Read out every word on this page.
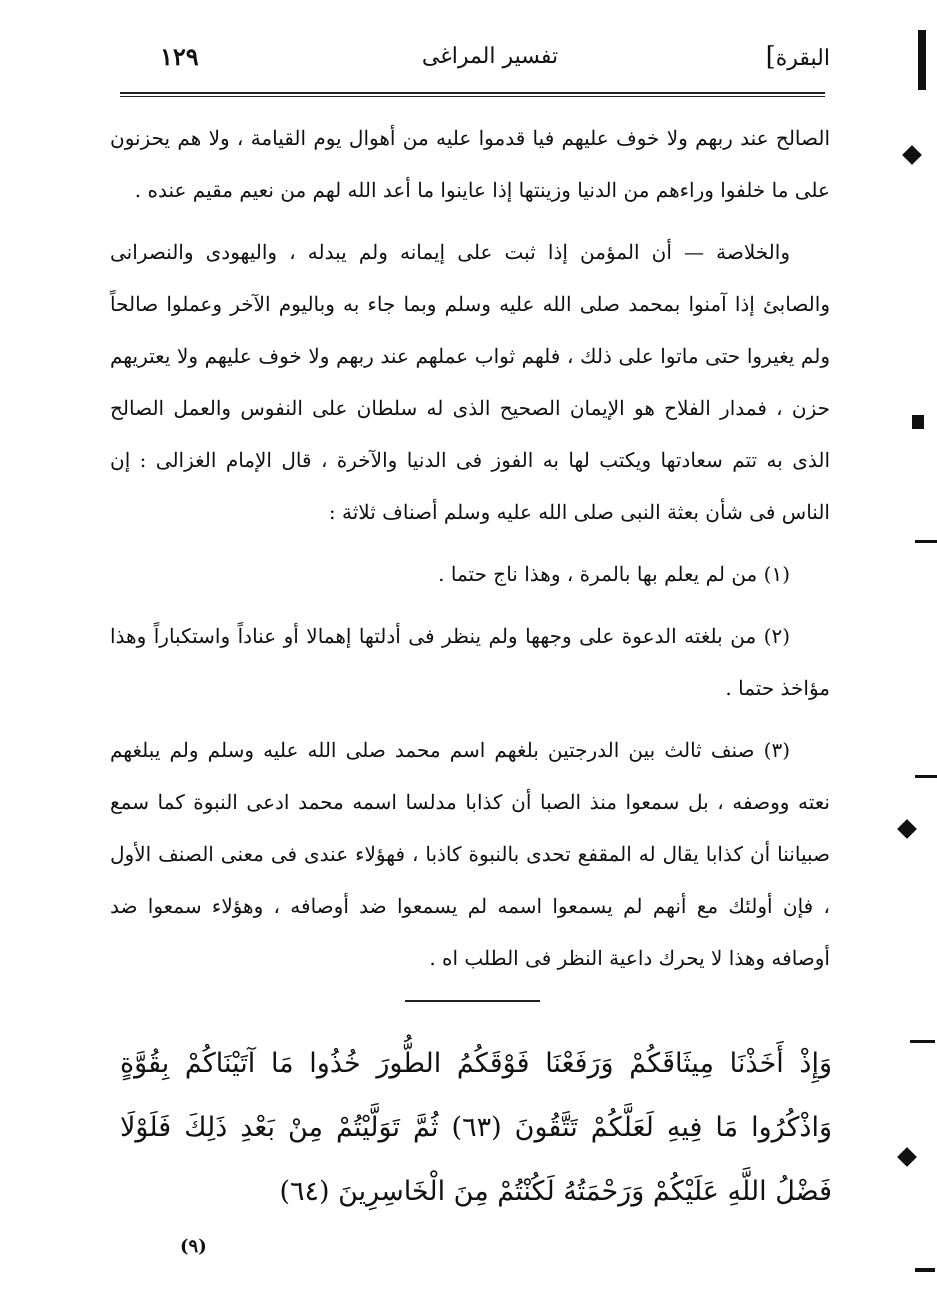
البقرة]
تفسير المراغى
١٢٩

الصالح عند ربهم ولا خوف عليهم فيا قدموا عليه من أهوال يوم القيامة ، ولا هم يحزنون على ما خلفوا وراءهم من الدنيا وزينتها إذا عاينوا ما أعد الله لهم من نعيم مقيم عنده .

والخلاصة — أن المؤمن إذا ثبت على إيمانه ولم يبدله ، واليهودى والنصرانى والصابئ إذا آمنوا بمحمد صلى الله عليه وسلم وبما جاء به وباليوم الآخر وعملوا صالحاً ولم يغيروا حتى ماتوا على ذلك ، فلهم ثواب عملهم عند ربهم ولا خوف عليهم ولا يعتريهم حزن ، فمدار الفلاح هو الإيمان الصحيح الذى له سلطان على النفوس والعمل الصالح الذى به تتم سعادتها ويكتب لها به الفوز فى الدنيا والآخرة ، قال الإمام الغزالى : إن الناس فى شأن بعثة النبى صلى الله عليه وسلم أصناف ثلاثة :

(١) من لم يعلم بها بالمرة ، وهذا ناج حتما .

(٢) من بلغته الدعوة على وجهها ولم ينظر فى أدلتها إهمالا أو عناداً واستكباراً وهذا مؤاخذ حتما .

(٣) صنف ثالث بين الدرجتين بلغهم اسم محمد صلى الله عليه وسلم ولم يبلغهم نعته ووصفه ، بل سمعوا منذ الصبا أن كذابا مدلسا اسمه محمد ادعى النبوة كما سمع صبياننا أن كذابا يقال له المقفع تحدى بالنبوة كاذبا ، فهؤلاء عندى فى معنى الصنف الأول ، فإن أولئك مع أنهم لم يسمعوا اسمه لم يسمعوا ضد أوصافه ، وهؤلاء سمعوا ضد أوصافه وهذا لا يحرك داعية النظر فى الطلب اه .

وَإِذْ أَخَذْنَا مِيثَاقَكُمْ وَرَفَعْنَا فَوْقَكُمُ الطُّورَ خُذُوا مَا آتَيْنَاكُمْ بِقُوَّةٍ وَاذْكُرُوا مَا فِيهِ لَعَلَّكُمْ تَتَّقُونَ (٦٣) ثُمَّ تَوَلَّيْتُمْ مِنْ بَعْدِ ذَلِكَ فَلَوْلَا فَضْلُ اللَّهِ عَلَيْكُمْ وَرَحْمَتُهُ لَكُنْتُمْ مِنَ الْخَاسِرِينَ (٦٤)
(٩)
